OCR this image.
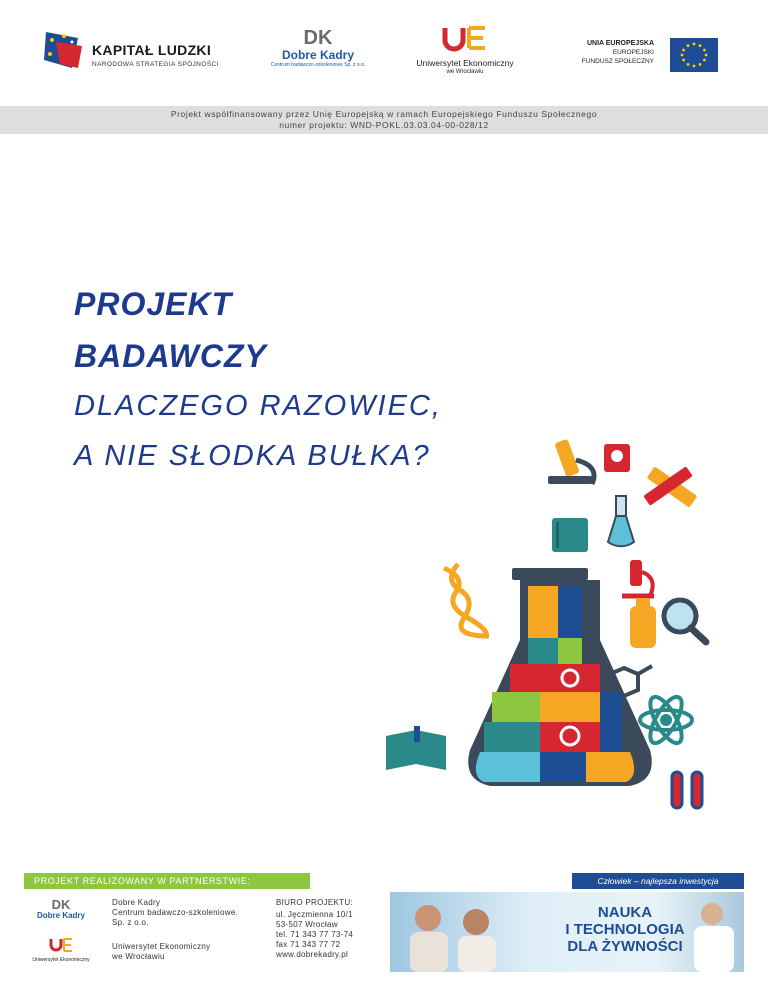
KAPITAŁ LUDZKI
NARODOWA STRATEGIA SPÓJNOŚCI
DK
Dobre Kadry
Centrum badawczo-szkoleniowe Sp. z o.o.	Uniwersytet Ekonomiczny
we Wrocławiu
UNIA EUROPEJSKA
EUROPEJSKI
FUNDUSZ SPOŁECZNY
Projekt współfinansowany przez Unię Europejską w ramach Europejskiego Funduszu Społecznego
numer projektu: WND-POKL.03.03.04-00-028/12
PROJEKT
BADAWCZY
DLACZEGO RAZOWIEC,
A NIE SŁODKA BUŁKA?
PROJEKT REALIZOWANY W PARTNERSTWIE:	Człowiek – najlepsza inwestycja
DK
Dobre Kadry
Uniwersytet Ekonomiczny
Dobre Kadry
Centrum badawczo-szkoleniowe.
Sp. z o.o.
Uniwersytet Ekonomiczny
we Wrocławiu
BIURO PROJEKTU:
ul. Jęczmienna 10/1
53-507 Wrocław
tel. 71 343 77 73-74
fax 71 343 77 72
www.dobrekadry.pl
NAUKA
I TECHNOLOGIA
DLA ŻYWNOŚCI
